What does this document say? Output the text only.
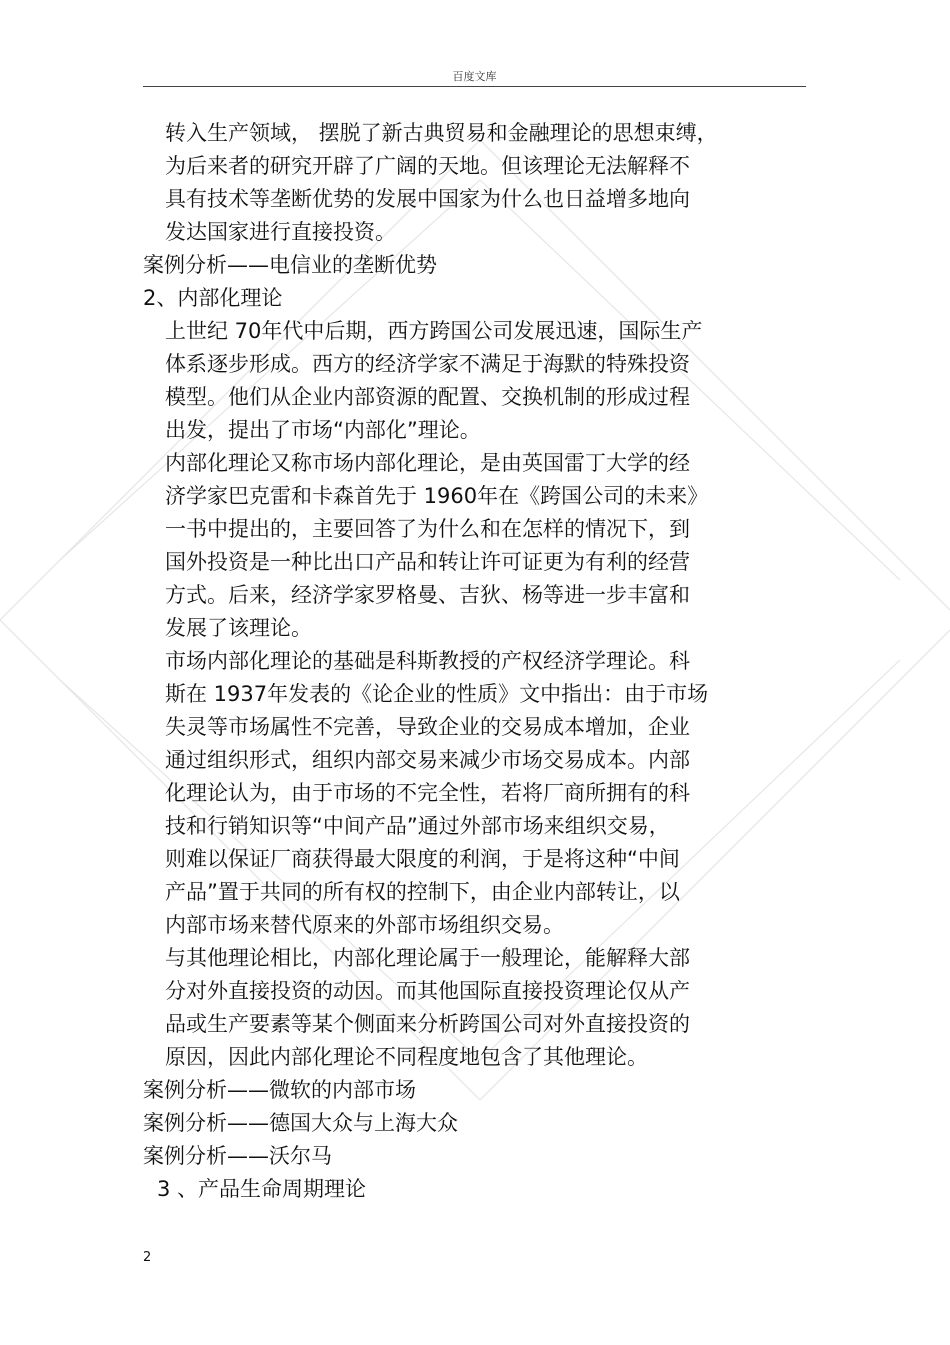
百度文库
转入生产领域， 摆脱了新古典贸易和金融理论的思想束缚，
为后来者的研究开辟了广阔的天地。但该理论无法解释不
具有技术等垄断优势的发展中国家为什么也日益增多地向
发达国家进行直接投资。
案例分析——电信业的垄断优势
2、内部化理论
上世纪 70年代中后期，西方跨国公司发展迅速，国际生产
体系逐步形成。西方的经济学家不满足于海默的特殊投资
模型。他们从企业内部资源的配置、交换机制的形成过程
出发，提出了市场“内部化”理论。
内部化理论又称市场内部化理论，是由英国雷丁大学的经
济学家巴克雷和卡森首先于 1960年在《跨国公司的未来》
一书中提出的，主要回答了为什么和在怎样的情况下，到
国外投资是一种比出口产品和转让许可证更为有利的经营
方式。后来，经济学家罗格曼、吉狄、杨等进一步丰富和
发展了该理论。
市场内部化理论的基础是科斯教授的产权经济学理论。科
斯在 1937年发表的《论企业的性质》文中指出：由于市场
失灵等市场属性不完善，导致企业的交易成本增加，企业
通过组织形式，组织内部交易来减少市场交易成本。内部
化理论认为，由于市场的不完全性，若将厂商所拥有的科
技和行销知识等“中间产品”通过外部市场来组织交易，
则难以保证厂商获得最大限度的利润，于是将这种“中间
产品”置于共同的所有权的控制下，由企业内部转让，以
内部市场来替代原来的外部市场组织交易。
与其他理论相比，内部化理论属于一般理论，能解释大部
分对外直接投资的动因。而其他国际直接投资理论仅从产
品或生产要素等某个侧面来分析跨国公司对外直接投资的
原因，因此内部化理论不同程度地包含了其他理论。
案例分析——微软的内部市场
案例分析——德国大众与上海大众
案例分析——沃尔马
3 、产品生命周期理论
2
